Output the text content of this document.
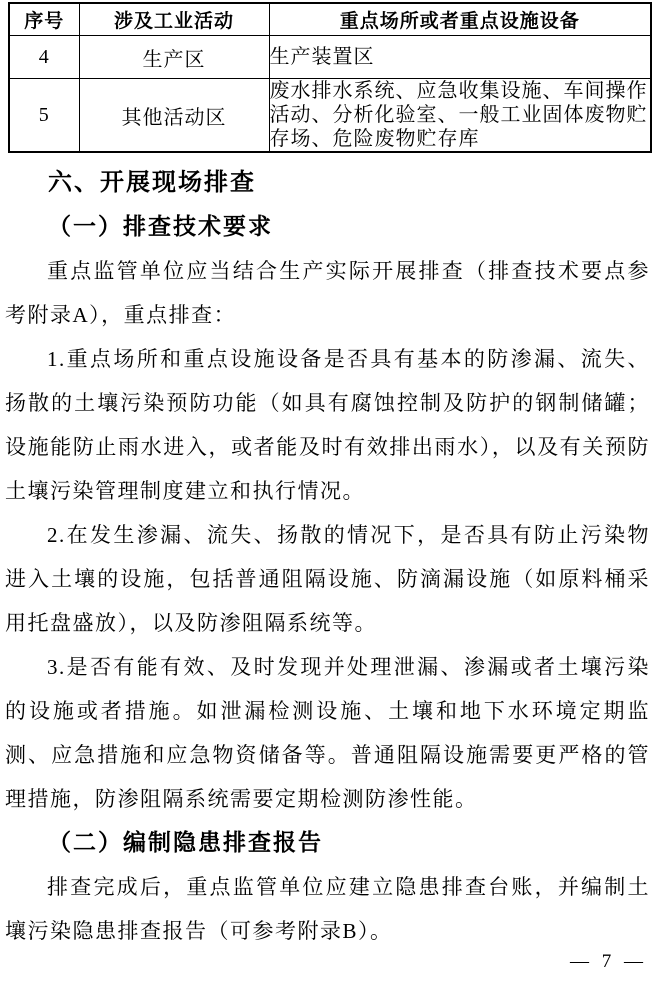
序号	涉及工业活动	重点场所或者重点设施设备
4	生产区	生产装置区
5	其他活动区	废水排水系统、应急收集设施、车间操作活动、分析化验室、一般工业固体废物贮存场、危险废物贮存库
六、开展现场排查
（一）排查技术要求

重点监管单位应当结合生产实际开展排查（排查技术要点参考附录A），重点排查：

1.重点场所和重点设施设备是否具有基本的防渗漏、流失、扬散的土壤污染预防功能（如具有腐蚀控制及防护的钢制储罐；设施能防止雨水进入，或者能及时有效排出雨水），以及有关预防土壤污染管理制度建立和执行情况。

2.在发生渗漏、流失、扬散的情况下，是否具有防止污染物进入土壤的设施，包括普通阻隔设施、防滴漏设施（如原料桶采用托盘盛放），以及防渗阻隔系统等。

3.是否有能有效、及时发现并处理泄漏、渗漏或者土壤污染的设施或者措施。如泄漏检测设施、土壤和地下水环境定期监测、应急措施和应急物资储备等。普通阻隔设施需要更严格的管理措施，防渗阻隔系统需要定期检测防渗性能。

（二）编制隐患排查报告

排查完成后，重点监管单位应建立隐患排查台账，并编制土壤污染隐患排查报告（可参考附录B）。

— 7 —
